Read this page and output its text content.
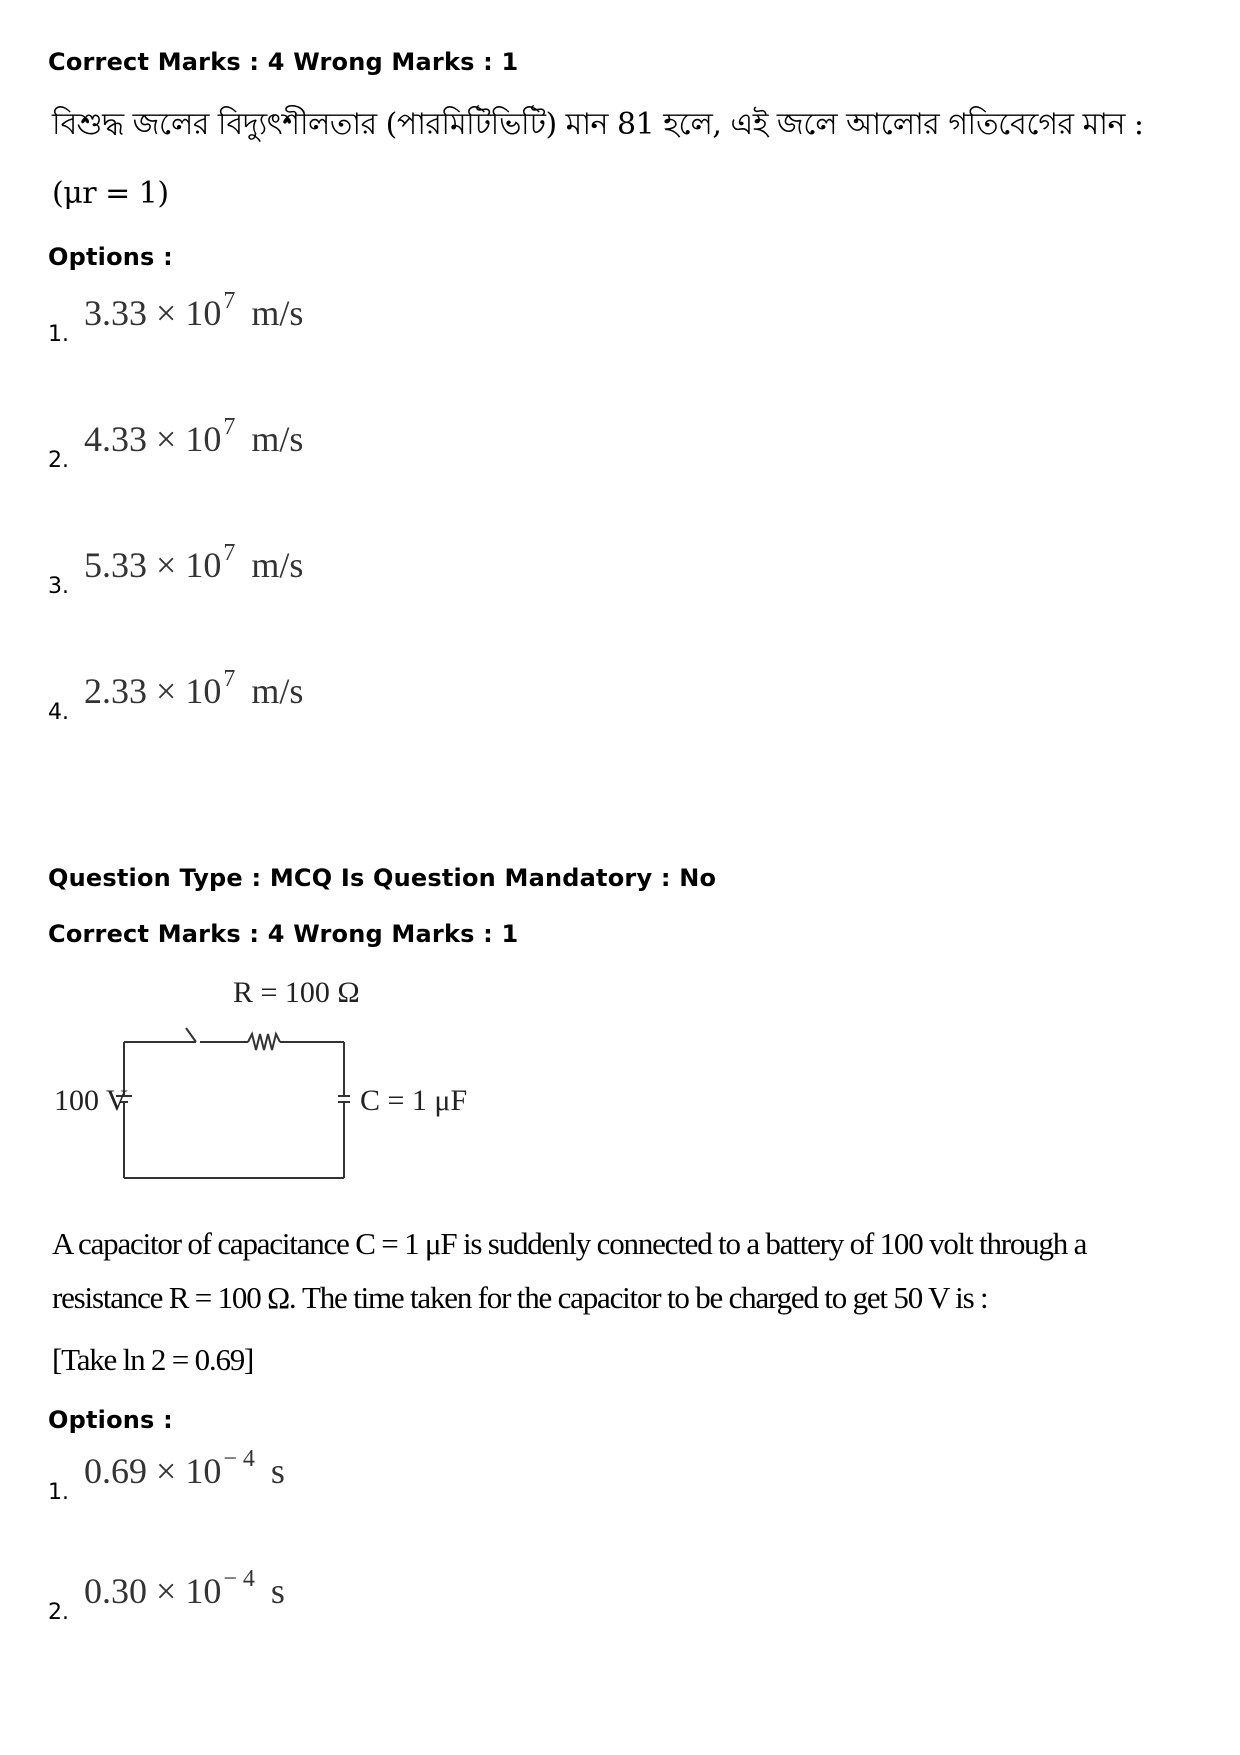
Correct Marks : 4 Wrong Marks : 1
বিশুদ্ধ জলের বিদ্যুৎশীলতার (পারমিটিভিটি) মান 81 হলে, এই জলে আলোর গতিবেগের মান :
(μr = 1)
Options :
1.
$3.33 \times 10^7$ m/s
2.
$4.33 \times 10^7$ m/s
3.
$5.33 \times 10^7$ m/s
4.
$2.33 \times 10^7$ m/s
Question Type : MCQ Is Question Mandatory : No
Correct Marks : 4 Wrong Marks : 1
R = 100 Ω
C = 1 μF
100 V
A capacitor of capacitance C = 1 μF is suddenly connected to a battery of 100 volt through a
resistance R = 100 Ω. The time taken for the capacitor to be charged to get 50 V is :
[Take ln 2 = 0.69]
Options :
1.
$0.69 \times 10^{- 4}$ s
2.
$0.30 \times 10^{- 4}$ s
